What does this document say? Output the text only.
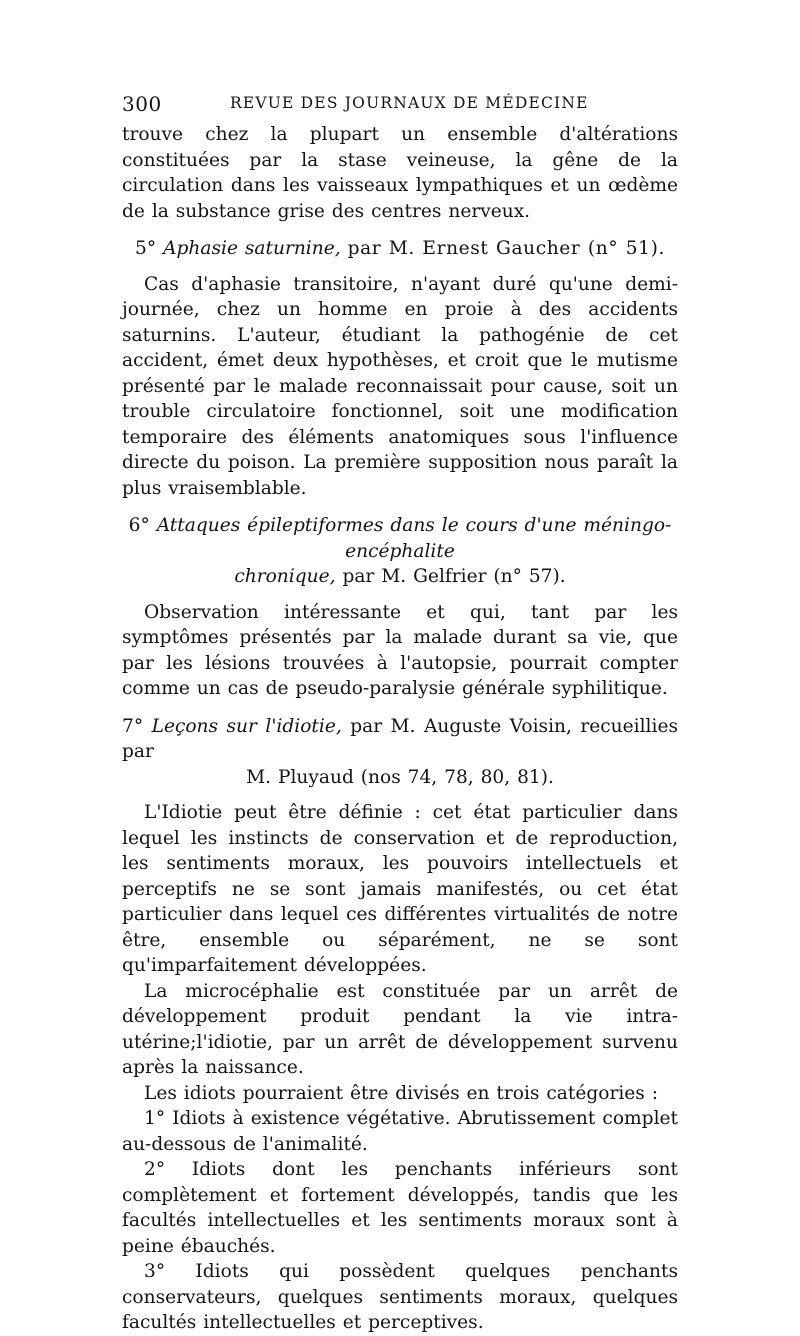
300	REVUE DES JOURNAUX DE MÉDECINE

trouve chez la plupart un ensemble d'altérations constituées par la stase veineuse, la gêne de la circulation dans les vaisseaux lympathiques et un œdème de la substance grise des centres nerveux.

5° Aphasie saturnine, par M. Ernest Gaucher (n° 51).

Cas d'aphasie transitoire, n'ayant duré qu'une demi-journée, chez un homme en proie à des accidents saturnins. L'auteur, étudiant la pathogénie de cet accident, émet deux hypothèses, et croit que le mutisme présenté par le malade reconnaissait pour cause, soit un trouble circulatoire fonctionnel, soit une modification temporaire des éléments anatomiques sous l'influence directe du poison. La première supposition nous paraît la plus vraisemblable.

6° Attaques épileptiformes dans le cours d'une méningo-encéphalite
chronique, par M. Gelfrier (n° 57).

Observation intéressante et qui, tant par les symptômes présentés par la malade durant sa vie, que par les lésions trouvées à l'autopsie, pourrait compter comme un cas de pseudo-paralysie générale syphilitique.

7° Leçons sur l'idiotie, par M. Auguste Voisin, recueillies par
M. Pluyaud (nos 74, 78, 80, 81).

L'Idiotie peut être définie : cet état particulier dans lequel les instincts de conservation et de reproduction, les sentiments moraux, les pouvoirs intellectuels et perceptifs ne se sont jamais manifestés, ou cet état particulier dans lequel ces différentes virtualités de notre être, ensemble ou séparément, ne se sont qu'imparfaitement développées.

La microcéphalie est constituée par un arrêt de développement produit pendant la vie intra-utérine;l'idiotie, par un arrêt de développement survenu après la naissance.

Les idiots pourraient être divisés en trois catégories :

1° Idiots à existence végétative. Abrutissement complet au-dessous de l'animalité.

2° Idiots dont les penchants inférieurs sont complètement et fortement développés, tandis que les facultés intellectuelles et les sentiments moraux sont à peine ébauchés.

3° Idiots qui possèdent quelques penchants conservateurs, quelques sentiments moraux, quelques facultés intellectuelles et perceptives.
